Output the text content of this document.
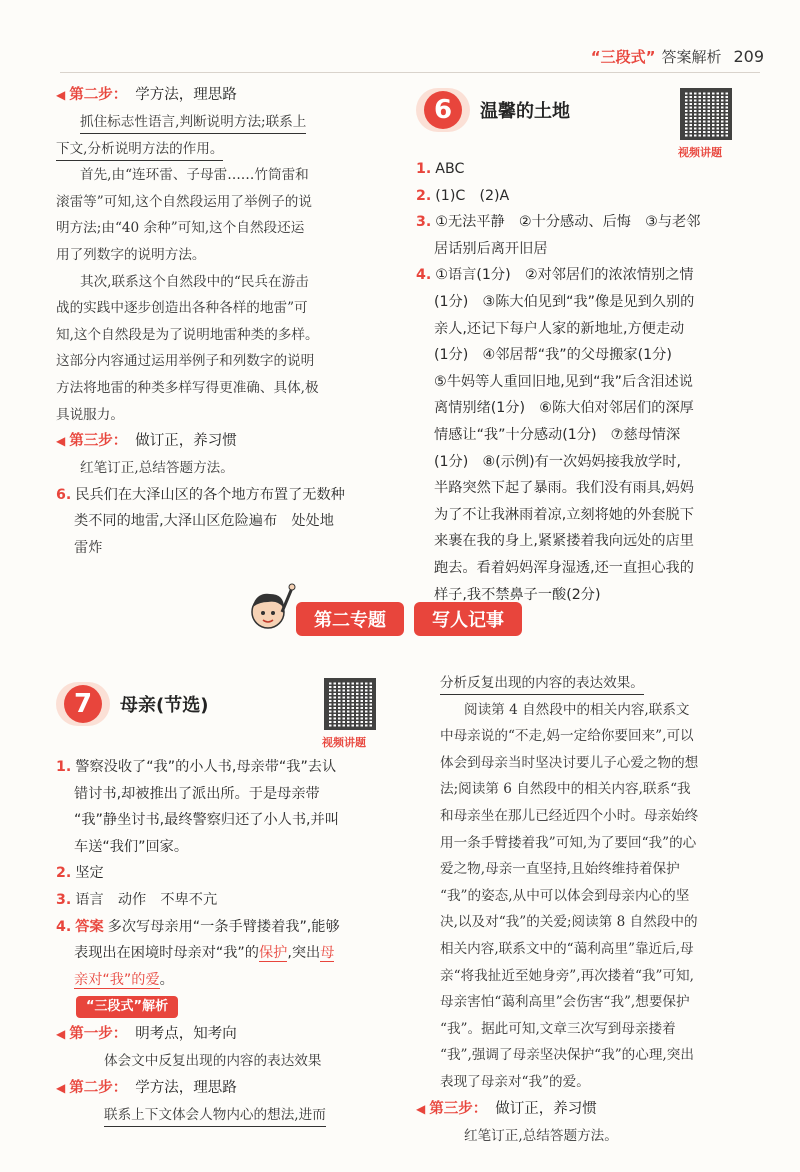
“三段式” 答案解析 209
◀ 第二步： 学方法，理思路
抓住标志性语言,判断说明方法;联系上
下文,分析说明方法的作用。
首先,由“连环雷、子母雷……竹筒雷和
滚雷等”可知,这个自然段运用了举例子的说
明方法;由“40 余种”可知,这个自然段还运
用了列数字的说明方法。
其次,联系这个自然段中的“民兵在游击
战的实践中逐步创造出各种各样的地雷”可
知,这个自然段是为了说明地雷种类的多样。
这部分内容通过运用举例子和列数字的说明
方法将地雷的种类多样写得更准确、具体,极
具说服力。
◀ 第三步： 做订正，养习惯
红笔订正,总结答题方法。
6. 民兵们在大泽山区的各个地方布置了无数种
类不同的地雷,大泽山区危险遍布　处处地
雷炸
6	温馨的土地
视频讲题
1. ABC
2. (1)C　(2)A
3. ①无法平静　②十分感动、后悔　③与老邻
居话别后离开旧居
4. ①语言(1分)　②对邻居们的浓浓情别之情
(1分)　③陈大伯见到“我”像是见到久别的
亲人,还记下每户人家的新地址,方便走动
(1分)　④邻居帮“我”的父母搬家(1分)
⑤牛妈等人重回旧地,见到“我”后含泪述说
离情别绪(1分)　⑥陈大伯对邻居们的深厚
情感让“我”十分感动(1分)　⑦慈母情深
(1分)　⑧(示例)有一次妈妈接我放学时,
半路突然下起了暴雨。我们没有雨具,妈妈
为了不让我淋雨着凉,立刻将她的外套脱下
来裹在我的身上,紧紧搂着我向远处的店里
跑去。看着妈妈浑身湿透,还一直担心我的
样子,我不禁鼻子一酸(2分)
第二专题	写人记事
7	母亲(节选)
视频讲题
1. 警察没收了“我”的小人书,母亲带“我”去认
错讨书,却被推出了派出所。于是母亲带
“我”静坐讨书,最终警察归还了小人书,并叫
车送“我们”回家。
2. 坚定
3. 语言　动作　不卑不亢
4. 答案 多次写母亲用“一条手臂搂着我”,能够
表现出在困境时母亲对“我”的保护,突出母
亲对“我”的爱。
“三段式”解析
◀ 第一步： 明考点，知考向
体会文中反复出现的内容的表达效果
◀ 第二步： 学方法，理思路
联系上下文体会人物内心的想法,进而
分析反复出现的内容的表达效果。
阅读第 4 自然段中的相关内容,联系文
中母亲说的“不走,妈一定给你要回来”,可以
体会到母亲当时坚决讨要儿子心爱之物的想
法;阅读第 6 自然段中的相关内容,联系“我
和母亲坐在那儿已经近四个小时。母亲始终
用一条手臂搂着我”可知,为了要回“我”的心
爱之物,母亲一直坚持,且始终维持着保护
“我”的姿态,从中可以体会到母亲内心的坚
决,以及对“我”的关爱;阅读第 8 自然段中的
相关内容,联系文中的“蔼利高里”靠近后,母
亲“将我扯近至她身旁”,再次搂着“我”可知,
母亲害怕“蔼利高里”会伤害“我”,想要保护
“我”。据此可知,文章三次写到母亲搂着
“我”,强调了母亲坚决保护“我”的心理,突出
表现了母亲对“我”的爱。
◀ 第三步： 做订正，养习惯
红笔订正,总结答题方法。
